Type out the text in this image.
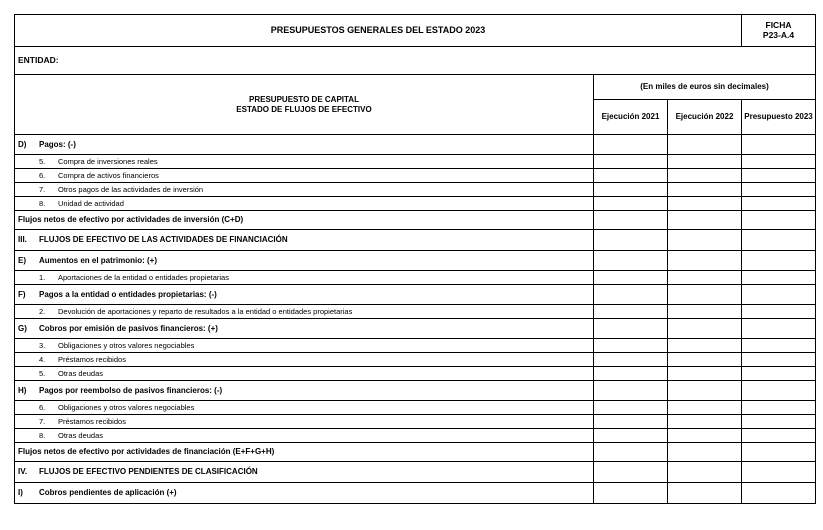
PRESUPUESTOS GENERALES DEL ESTADO 2023	
FICHA
P23-A.4

ENTIDAD:
PRESUPUESTO DE CAPITAL
ESTADO DE FLUJOS DE EFECTIVO	(En miles de euros sin decimales)		
	Ejecución 2021	Ejecución 2022	Presupuesto 2023
D) Pagos: (-)			
5. Compra de inversiones reales			
6. Compra de activos financieros			
7. Otros pagos de las actividades de inversión			
8. Unidad de actividad			
Flujos netos de efectivo por actividades de inversión (C+D)			
III. FLUJOS DE EFECTIVO DE LAS ACTIVIDADES DE FINANCIACIÓN			
E) Aumentos en el patrimonio: (+)			
1. Aportaciones de la entidad o entidades propietarias			
F) Pagos a la entidad o entidades propietarias: (-)			
2. Devolución de aportaciones y reparto de resultados a la entidad o entidades propietarias			
G) Cobros por emisión de pasivos financieros: (+)			
3. Obligaciones y otros valores negociables			
4. Préstamos recibidos			
5. Otras deudas			
H) Pagos por reembolso de pasivos financieros: (-)			
6. Obligaciones y otros valores negociables			
7. Préstamos recibidos			
8. Otras deudas			
Flujos netos de efectivo por actividades de financiación (E+F+G+H)			
IV. FLUJOS DE EFECTIVO PENDIENTES DE CLASIFICACIÓN			
I) Cobros pendientes de aplicación (+)			
